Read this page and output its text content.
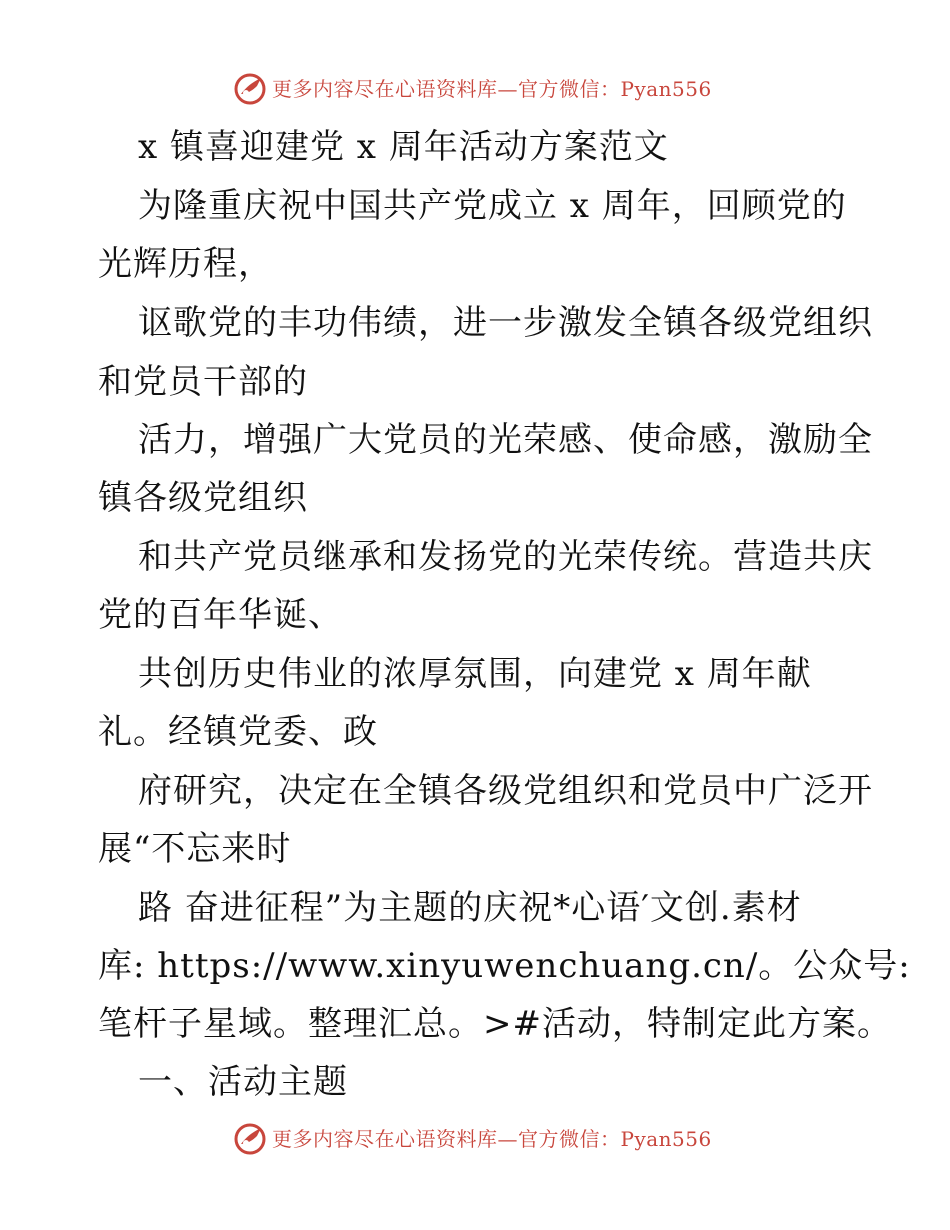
更多内容尽在心语资料库—官方微信：Pyan556
x 镇喜迎建党 x 周年活动方案范文
为隆重庆祝中国共产党成立 x 周年，回顾党的
光辉历程，
讴歌党的丰功伟绩，进一步激发全镇各级党组织
和党员干部的
活力，增强广大党员的光荣感、使命感，激励全
镇各级党组织
和共产党员继承和发扬党的光荣传统。营造共庆
党的百年华诞、
共创历史伟业的浓厚氛围，向建党 x 周年献
礼。经镇党委、政
府研究，决定在全镇各级党组织和党员中广泛开
展“不忘来时
路 奋进征程”为主题的庆祝*心语′文创.素材
库: https://www.xinyuwenchuang.cn/。公众号:
笔杆子星域。整理汇总。>#活动，特制定此方案。
一、活动主题
更多内容尽在心语资料库—官方微信：Pyan556
